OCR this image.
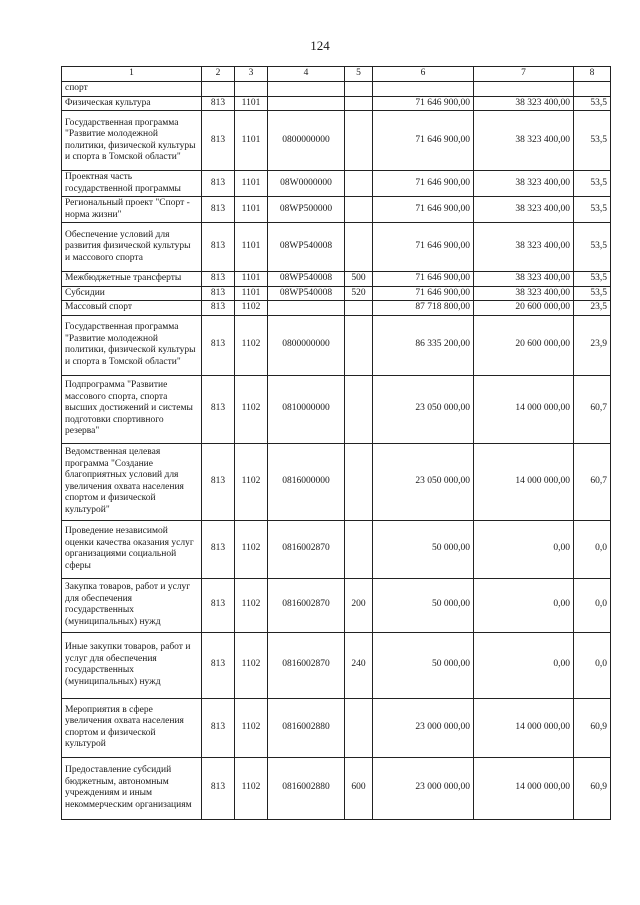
124
1	2	3	4	5	6	7	8
спорт							
Физическая культура	813	1101			71 646 900,00	38 323 400,00	53,5
Государственная программа "Развитие молодежной политики, физической культуры и спорта в Томской области"	813	1101	0800000000		71 646 900,00	38 323 400,00	53,5
Проектная часть государственной программы	813	1101	08W0000000		71 646 900,00	38 323 400,00	53,5
Региональный проект "Спорт - норма жизни"	813	1101	08WP500000		71 646 900,00	38 323 400,00	53,5
Обеспечение условий для развития физической культуры и массового спорта	813	1101	08WP540008		71 646 900,00	38 323 400,00	53,5
Межбюджетные трансферты	813	1101	08WP540008	500	71 646 900,00	38 323 400,00	53,5
Субсидии	813	1101	08WP540008	520	71 646 900,00	38 323 400,00	53,5
Массовый спорт	813	1102			87 718 800,00	20 600 000,00	23,5
Государственная программа "Развитие молодежной политики, физической культуры и спорта в Томской области"	813	1102	0800000000		86 335 200,00	20 600 000,00	23,9
Подпрограмма "Развитие массового спорта, спорта высших достижений и системы подготовки спортивного резерва"	813	1102	0810000000		23 050 000,00	14 000 000,00	60,7
Ведомственная целевая программа "Создание благоприятных условий для увеличения охвата населения спортом и физической культурой"	813	1102	0816000000		23 050 000,00	14 000 000,00	60,7
Проведение независимой оценки качества оказания услуг организациями социальной сферы	813	1102	0816002870		50 000,00	0,00	0,0
Закупка товаров, работ и услуг для обеспечения государственных (муниципальных) нужд	813	1102	0816002870	200	50 000,00	0,00	0,0
Иные закупки товаров, работ и услуг для обеспечения государственных (муниципальных) нужд	813	1102	0816002870	240	50 000,00	0,00	0,0
Мероприятия в сфере увеличения охвата населения спортом и физической культурой	813	1102	0816002880		23 000 000,00	14 000 000,00	60,9
Предоставление субсидий бюджетным, автономным учреждениям и иным некоммерческим организациям	813	1102	0816002880	600	23 000 000,00	14 000 000,00	60,9
